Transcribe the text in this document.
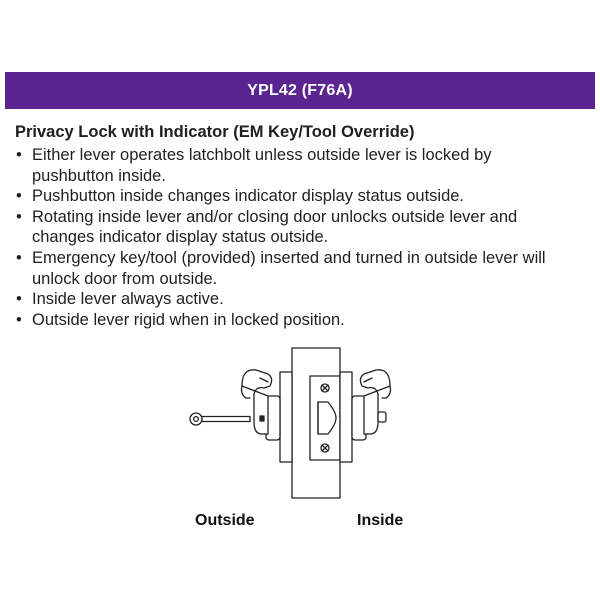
YPL42 (F76A)
Privacy Lock with Indicator (EM Key/Tool Override)
• Either lever operates latchbolt unless outside lever is locked by
pushbutton inside.
• Pushbutton inside changes indicator display status outside.
• Rotating inside lever and/or closing door unlocks outside lever and
changes indicator display status outside.
• Emergency key/tool (provided) inserted and turned in outside lever will
unlock door from outside.
• Inside lever always active.
• Outside lever rigid when in locked position.
Outside	Inside
